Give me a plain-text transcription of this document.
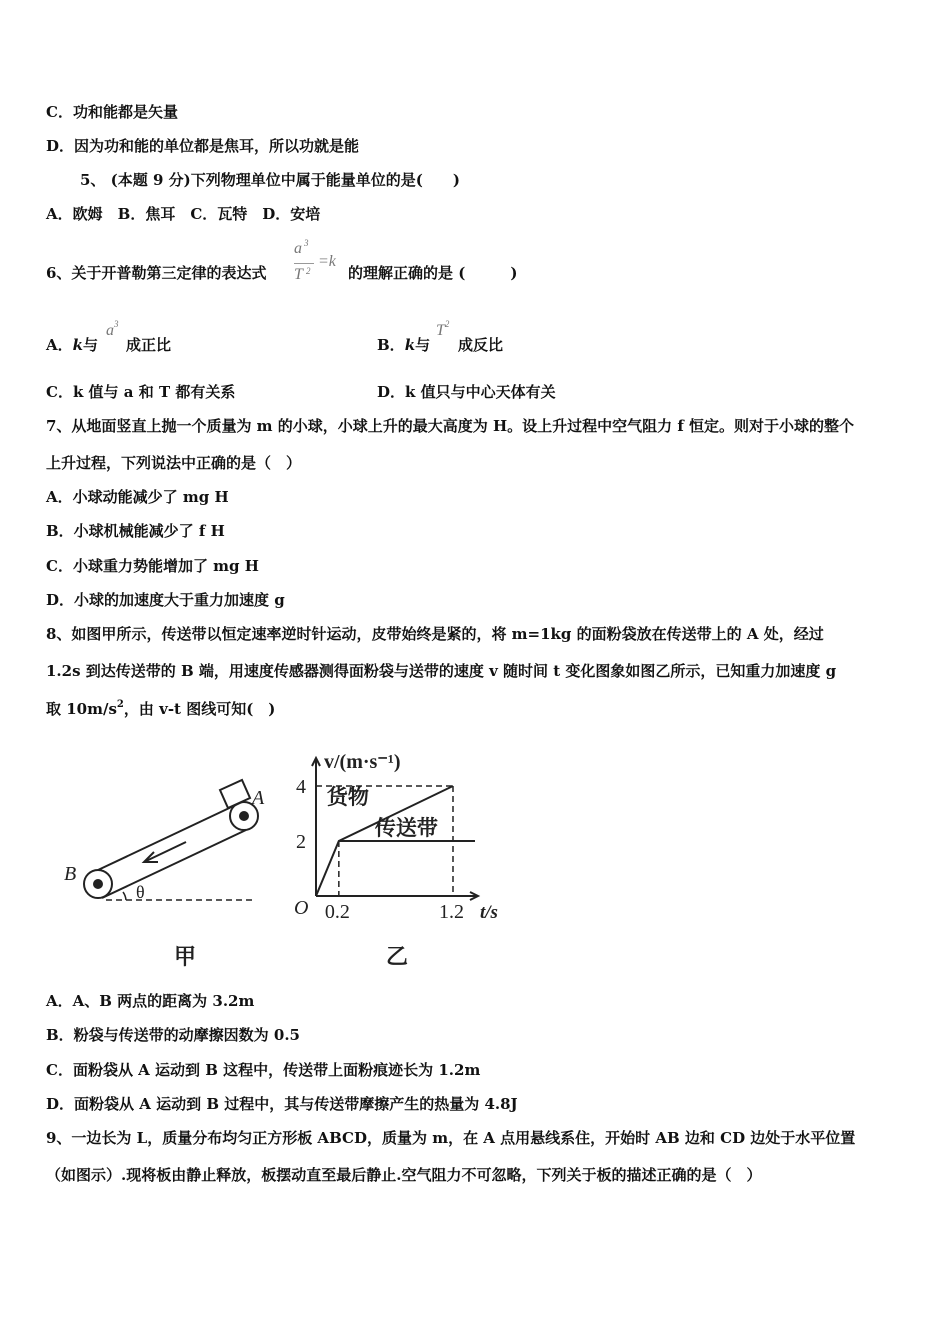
C．功和能都是矢量
D．因为功和能的单位都是焦耳，所以功就是能
5、 (本题 9 分)下列物理单位中属于能量单位的是(　　)
A．欧姆　B．焦耳　C．瓦特　D．安培
6、关于开普勒第三定律的表达式
a 3
T 2
=k
的理解正确的是 (　　　)
A．k与
$a^3$
成正比	B．k与
$T^2$
成反比
C．k 值与 a 和 T 都有关系	D．k 值只与中心天体有关
7、从地面竖直上抛一个质量为 m 的小球，小球上升的最大高度为 H。设上升过程中空气阻力 f 恒定。则对于小球的整个
上升过程，下列说法中正确的是（　）
A．小球动能减少了 mg H
B．小球机械能减少了 f H
C．小球重力势能增加了 mg H
D．小球的加速度大于重力加速度 g
8、如图甲所示，传送带以恒定速率逆时针运动，皮带始终是紧的，将 m=1kg 的面粉袋放在传送带上的 A 处，经过
1.2s 到达传送带的 B 端，用速度传感器测得面粉袋与送带的速度 v 随时间 t 变化图象如图乙所示，已知重力加速度 g
取 $10m/s^2$，由 v-t 图线可知(　)
B
A
θ
甲
v/(m·s⁻¹)
t/s
O 0.2	1.2
2
4 货物
传送带
乙
A．A、B 两点的距离为 3.2m
B．粉袋与传送带的动摩擦因数为 0.5
C．面粉袋从 A 运动到 B 这程中，传送带上面粉痕迹长为 1.2m
D．面粉袋从 A 运动到 B 过程中，其与传送带摩擦产生的热量为 4.8J
9、一边长为 L，质量分布均匀正方形板 ABCD，质量为 m，在 A 点用悬线系住，开始时 AB 边和 CD 边处于水平位置
（如图示）.现将板由静止释放，板摆动直至最后静止.空气阻力不可忽略，下列关于板的描述正确的是（　）
